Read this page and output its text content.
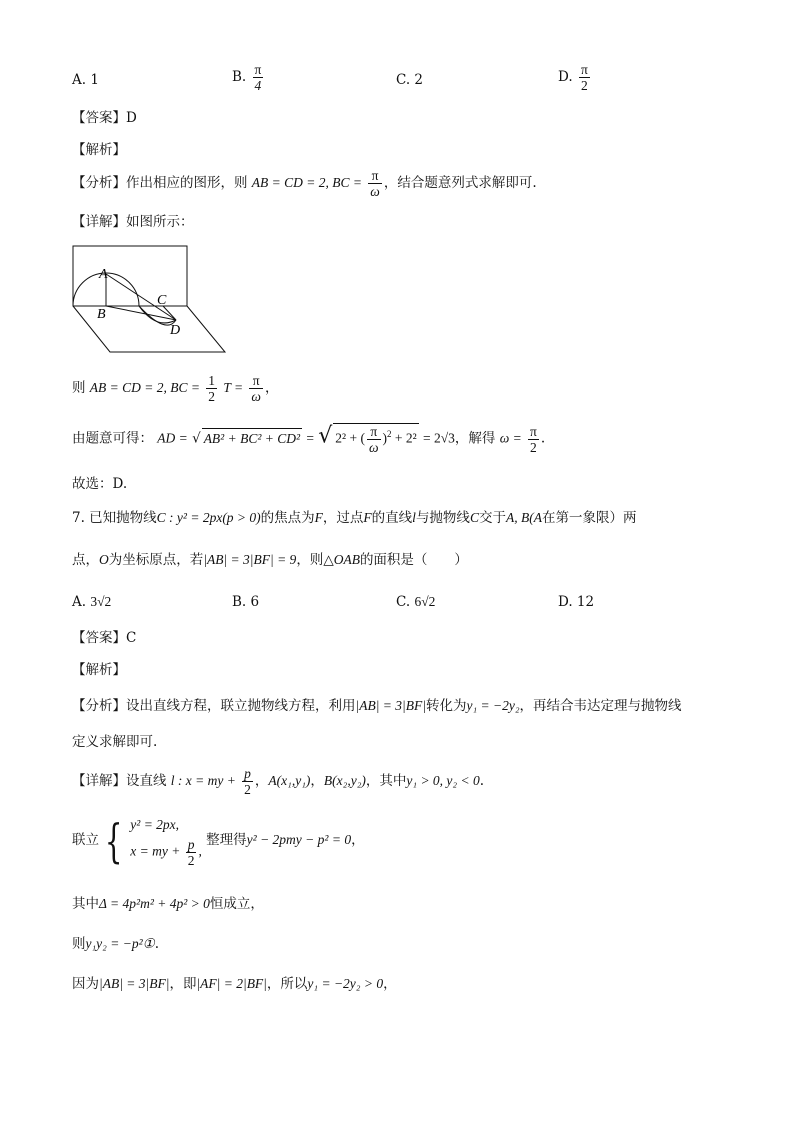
A. 1	B. $\frac{\pi}{4}$	C. 2	D. $\frac{\pi}{2}$
【答案】D
【解析】
【分析】作出相应的图形，则 AB = CD = 2, BC = $\frac{\pi}{\omega}$ ，结合题意列式求解即可.
【详解】如图所示：
A
B
C
D
则 AB = CD = 2, BC = $\frac{1}{2}$ $T = \frac{\pi}{\omega}$ ，
由题意可得： AD = √ AB² + BC² + CD² = √ 2² + ( $\frac{\pi}{\omega} )^2 + 2^2 = 2√3$，解得 $\omega = \frac{\pi}{2}$ .
故选：D.
7. 已知抛物线C : y² = 2px(p > 0)的焦点为F，过点F的直线l与抛物线C交于A, B(A在第一象限）两
点，O为坐标原点，若|AB| = 3|BF| = 9，则△OAB的面积是（　　）
A. 3√2	B. 6	C. 6√2	D. 12
【答案】C
【解析】
【分析】设出直线方程，联立抛物线方程，利用|AB| = 3|BF|转化为y₁ = −2y₂，再结合韦达定理与抛物线
定义求解即可.
【详解】设直线 l : x = my + $\frac{p}{2}$ ，A(x₁,y₁)，B(x₂,y₂)，其中y₁ > 0, y₂ < 0.
联立 { y² = 2px,
x = my + $\frac{p}{2}$ ,
整理得y² − 2pmy − p² = 0，
其中Δ = 4p²m² + 4p² > 0恒成立，
则y₁y₂ = −p²①.
因为|AB| = 3|BF|，即|AF| = 2|BF|，所以y₁ = −2y₂ > 0，
